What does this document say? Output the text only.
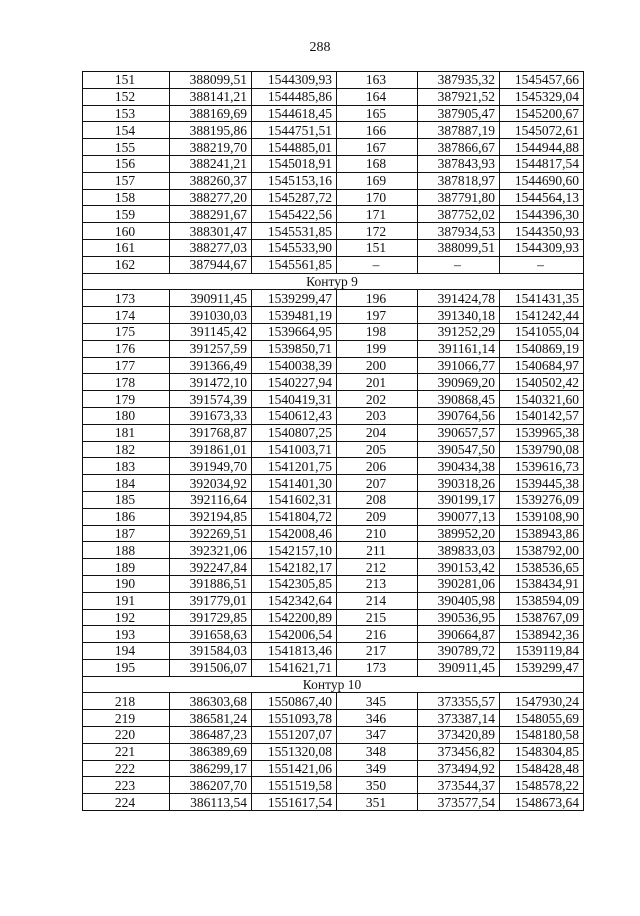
288
151	388099,51	1544309,93	163	387935,32	1545457,66
152	388141,21	1544485,86	164	387921,52	1545329,04
153	388169,69	1544618,45	165	387905,47	1545200,67
154	388195,86	1544751,51	166	387887,19	1545072,61
155	388219,70	1544885,01	167	387866,67	1544944,88
156	388241,21	1545018,91	168	387843,93	1544817,54
157	388260,37	1545153,16	169	387818,97	1544690,60
158	388277,20	1545287,72	170	387791,80	1544564,13
159	388291,67	1545422,56	171	387752,02	1544396,30
160	388301,47	1545531,85	172	387934,53	1544350,93
161	388277,03	1545533,90	151	388099,51	1544309,93
162	387944,67	1545561,85	–	–	–
Контур 9					
173	390911,45	1539299,47	196	391424,78	1541431,35
174	391030,03	1539481,19	197	391340,18	1541242,44
175	391145,42	1539664,95	198	391252,29	1541055,04
176	391257,59	1539850,71	199	391161,14	1540869,19
177	391366,49	1540038,39	200	391066,77	1540684,97
178	391472,10	1540227,94	201	390969,20	1540502,42
179	391574,39	1540419,31	202	390868,45	1540321,60
180	391673,33	1540612,43	203	390764,56	1540142,57
181	391768,87	1540807,25	204	390657,57	1539965,38
182	391861,01	1541003,71	205	390547,50	1539790,08
183	391949,70	1541201,75	206	390434,38	1539616,73
184	392034,92	1541401,30	207	390318,26	1539445,38
185	392116,64	1541602,31	208	390199,17	1539276,09
186	392194,85	1541804,72	209	390077,13	1539108,90
187	392269,51	1542008,46	210	389952,20	1538943,86
188	392321,06	1542157,10	211	389833,03	1538792,00
189	392247,84	1542182,17	212	390153,42	1538536,65
190	391886,51	1542305,85	213	390281,06	1538434,91
191	391779,01	1542342,64	214	390405,98	1538594,09
192	391729,85	1542200,89	215	390536,95	1538767,09
193	391658,63	1542006,54	216	390664,87	1538942,36
194	391584,03	1541813,46	217	390789,72	1539119,84
195	391506,07	1541621,71	173	390911,45	1539299,47
Контур 10					
218	386303,68	1550867,40	345	373355,57	1547930,24
219	386581,24	1551093,78	346	373387,14	1548055,69
220	386487,23	1551207,07	347	373420,89	1548180,58
221	386389,69	1551320,08	348	373456,82	1548304,85
222	386299,17	1551421,06	349	373494,92	1548428,48
223	386207,70	1551519,58	350	373544,37	1548578,22
224	386113,54	1551617,54	351	373577,54	1548673,64
